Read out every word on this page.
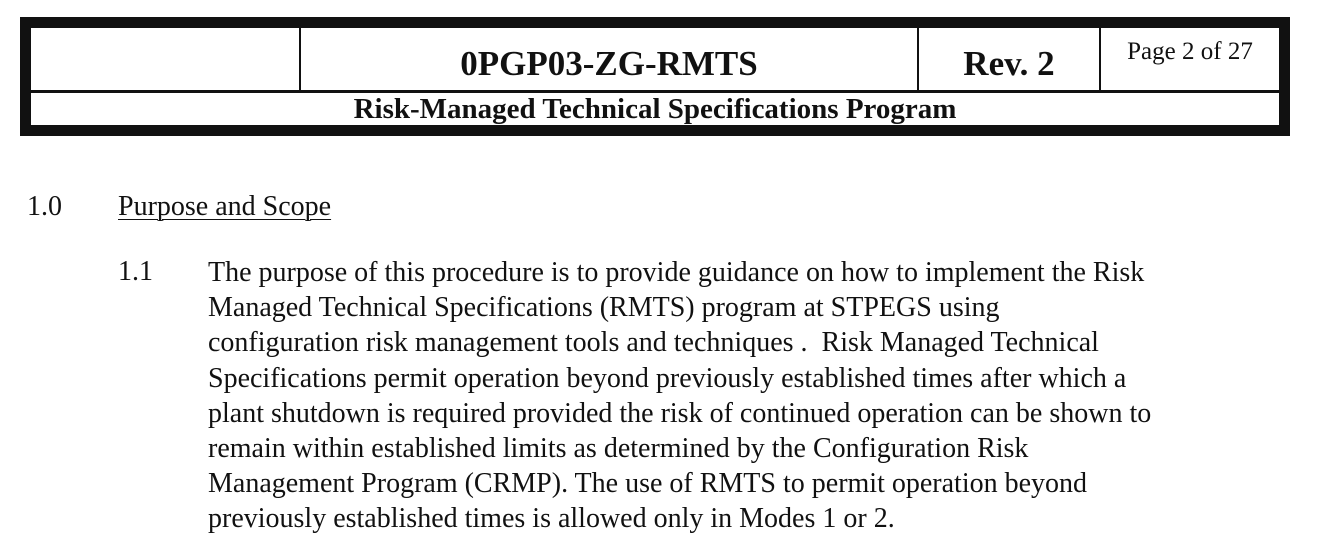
0PGP03-ZG-RMTS	Rev. 2	Page 2 of 27
Risk-Managed Technical Specifications Program
1.0 Purpose and Scope
1.1 The purpose of this procedure is to provide guidance on how to implement the Risk
Managed Technical Specifications (RMTS) program at STPEGS using
configuration risk management tools and techniques .  Risk Managed Technical
Specifications permit operation beyond previously established times after which a
plant shutdown is required provided the risk of continued operation can be shown to
remain within established limits as determined by the Configuration Risk
Management Program (CRMP). The use of RMTS to permit operation beyond
previously established times is allowed only in Modes 1 or 2.
